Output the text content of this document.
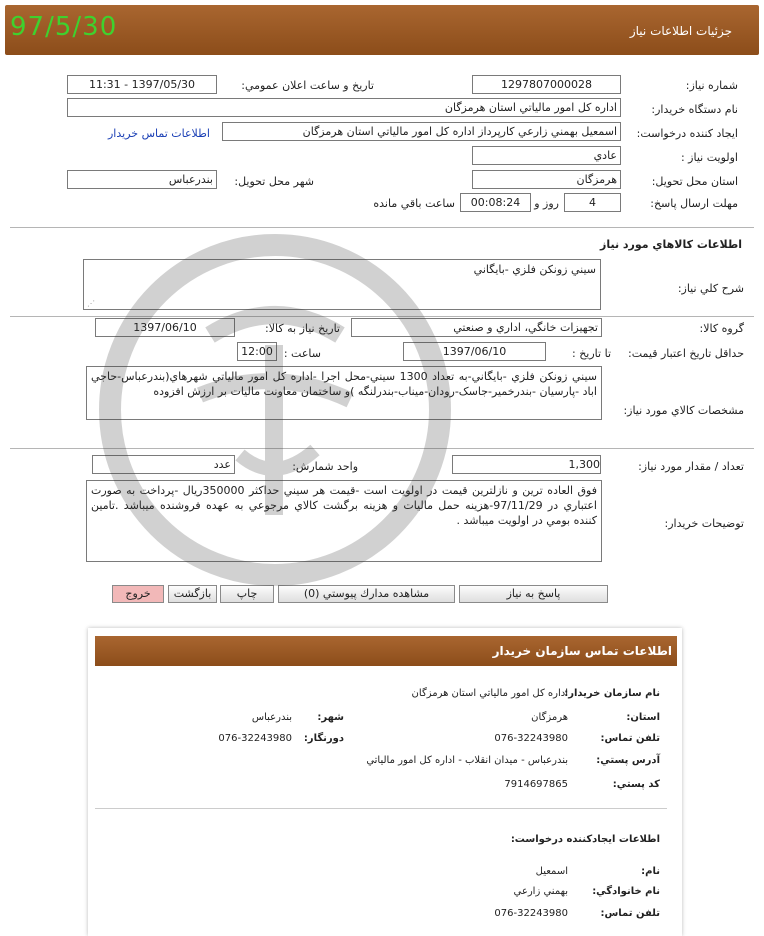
97/5/30	جزئيات اطلاعات نياز
شماره نياز:
1297807000028
تاريخ و ساعت اعلان عمومي:
1397/05/30 - 11:31
نام دستگاه خريدار:
اداره كل امور مالياتي استان هرمزگان
ايجاد كننده درخواست:
اسمعيل بهمني زارعي كارپرداز اداره كل امور مالياتي استان هرمزگان
اطلاعات تماس خريدار
اولويت نياز :
عادي
استان محل تحويل:
هرمزگان
شهر محل تحويل:
بندرعباس
مهلت ارسال پاسخ:
4
روز و
00:08:24
ساعت باقي مانده
اطلاعات كالاهاي مورد نياز
شرح كلي نياز:
سيني زونكن فلزي -بايگاني
⋰
گروه كالا:
تجهيزات خانگي، اداري و صنعتي
تاريخ نياز به كالا:
1397/06/10
حداقل تاريخ اعتبار قيمت:
تا تاريخ :
1397/06/10
ساعت :
12:00
مشخصات كالاي مورد نياز:
سيني زونكن فلزي -بايگاني-به تعداد 1300 سيني-محل اجرا -اداره كل امور مالياتي شهرهاي(بندرعباس-حاجي اباد -پارسيان -بندرخمير-جاسک-رودان-ميناب-بندرلنگه )و ساختمان معاونت ماليات بر ارزش افزوده
تعداد / مقدار مورد نياز:
1,300
واحد شمارش:
عدد
توضيحات خريدار:
فوق العاده ترين و نازلترين قيمت در اولويت است -قيمت هر سيني حداكثر 350000ريال -پرداخت به صورت اعتباري در 97/11/29-هزينه حمل ماليات و هزينه برگشت كالاي مرجوعي به عهده فروشنده ميباشد .تامين كننده بومي در اولويت ميباشد .
پاسخ به نياز
مشاهده مدارك پيوستي (0)
چاپ
بازگشت
خروج
اطلاعات تماس سازمان خريدار
نام سازمان خريدار:
اداره كل امور مالياتي استان هرمزگان
استان:
هرمزگان
شهر:
بندرعباس
تلفن تماس:
076-32243980
دورنگار:
076-32243980
آدرس پستي:
بندرعباس - ميدان انقلاب - اداره كل امور مالياتي
كد پستي:
7914697865
اطلاعات ايجادكننده درخواست:
نام:
اسمعيل
نام خانوادگي:
بهمني زارعي
تلفن تماس:
076-32243980
